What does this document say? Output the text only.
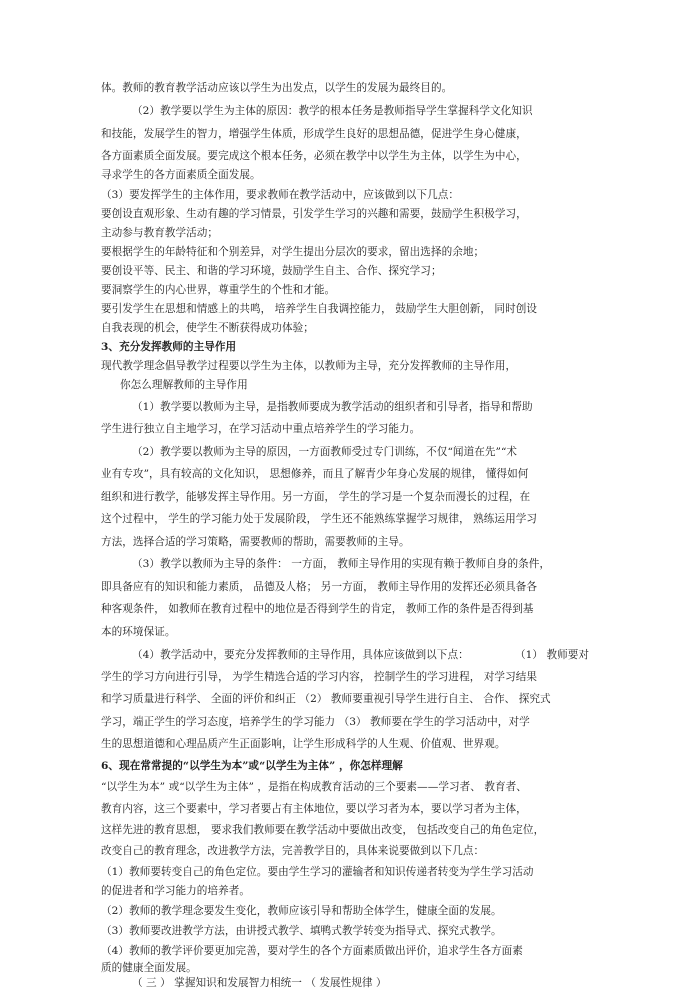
体。教师的教育教学活动应该以学生为出发点，以学生的发展为最终目的。
（2）教学要以学生为主体的原因：教学的根本任务是教师指导学生掌握科学文化知识
和技能，发展学生的智力，增强学生体质，形成学生良好的思想品德，促进学生身心健康，
各方面素质全面发展。要完成这个根本任务，必须在教学中以学生为主体，以学生为中心，
寻求学生的各方面素质全面发展。
（3）要发挥学生的主体作用，要求教师在教学活动中，应该做到以下几点：
要创设直观形象、生动有趣的学习情景，引发学生学习的兴趣和需要，鼓励学生积极学习，
主动参与教育教学活动；
要根据学生的年龄特征和个别差异，对学生提出分层次的要求，留出选择的余地；
要创设平等、民主、和谐的学习环境，鼓励学生自主、合作、探究学习；
要洞察学生的内心世界，尊重学生的个性和才能。
要引发学生在思想和情感上的共鸣， 培养学生自我调控能力， 鼓励学生大胆创新， 同时创设
自我表现的机会，使学生不断获得成功体验；
3、充分发挥教师的主导作用
现代教学理念倡导教学过程要以学生为主体，以教师为主导，充分发挥教师的主导作用，
你怎么理解教师的主导作用
（1）教学要以教师为主导，是指教师要成为教学活动的组织者和引导者，指导和帮助
学生进行独立自主地学习，在学习活动中重点培养学生的学习能力。
（2）教学要以教师为主导的原因，一方面教师受过专门训练，不仅“闻道在先”“术
业有专攻”，具有较高的文化知识， 思想修养，而且了解青少年身心发展的规律， 懂得如何
组织和进行教学，能够发挥主导作用。另一方面， 学生的学习是一个复杂而漫长的过程，在
这个过程中， 学生的学习能力处于发展阶段， 学生还不能熟练掌握学习规律， 熟练运用学习
方法，选择合适的学习策略，需要教师的帮助，需要教师的主导。
（3）教学以教师为主导的条件： 一方面， 教师主导作用的实现有赖于教师自身的条件，
即具备应有的知识和能力素质， 品德及人格； 另一方面， 教师主导作用的发挥还必须具备各
种客观条件， 如教师在教育过程中的地位是否得到学生的肯定， 教师工作的条件是否得到基
本的环境保证。
（4）教学活动中，要充分发挥教师的主导作用，具体应该做到以下点：	（1） 教师要对
学生的学习方向进行引导， 为学生精选合适的学习内容， 控制学生的学习进程， 对学习结果
和学习质量进行科学、 全面的评价和纠正 （2） 教师要重视引导学生进行自主、 合作、 探究式
学习，端正学生的学习态度，培养学生的学习能力 （3） 教师要在学生的学习活动中，对学
生的思想道德和心理品质产生正面影响，让学生形成科学的人生观、价值观、世界观。
6、现在常常提的“以学生为本”或“以学生为主体” ，你怎样理解
“以学生为本” 或“以学生为主体” ，是指在构成教育活动的三个要素——学习者、 教育者、
教育内容，这三个要素中，学习者要占有主体地位，要以学习者为本，要以学习者为主体，
这样先进的教育思想， 要求我们教师要在教学活动中要做出改变， 包括改变自己的角色定位，
改变自己的教育理念，改进教学方法，完善教学目的，具体来说要做到以下几点：
（1）教师要转变自己的角色定位。要由学生学习的灌输者和知识传递者转变为学生学习活动
的促进者和学习能力的培养者。
（2）教师的教学理念要发生变化，教师应该引导和帮助全体学生，健康全面的发展。
（3）教师要改进教学方法，由讲授式教学、填鸭式教学转变为指导式、探究式教学。
（4）教师的教学评价要更加完善，要对学生的各个方面素质做出评价，追求学生各方面素
质的健康全面发展。
（ 三 ） 掌握知识和发展智力相统一 （ 发展性规律 ）
